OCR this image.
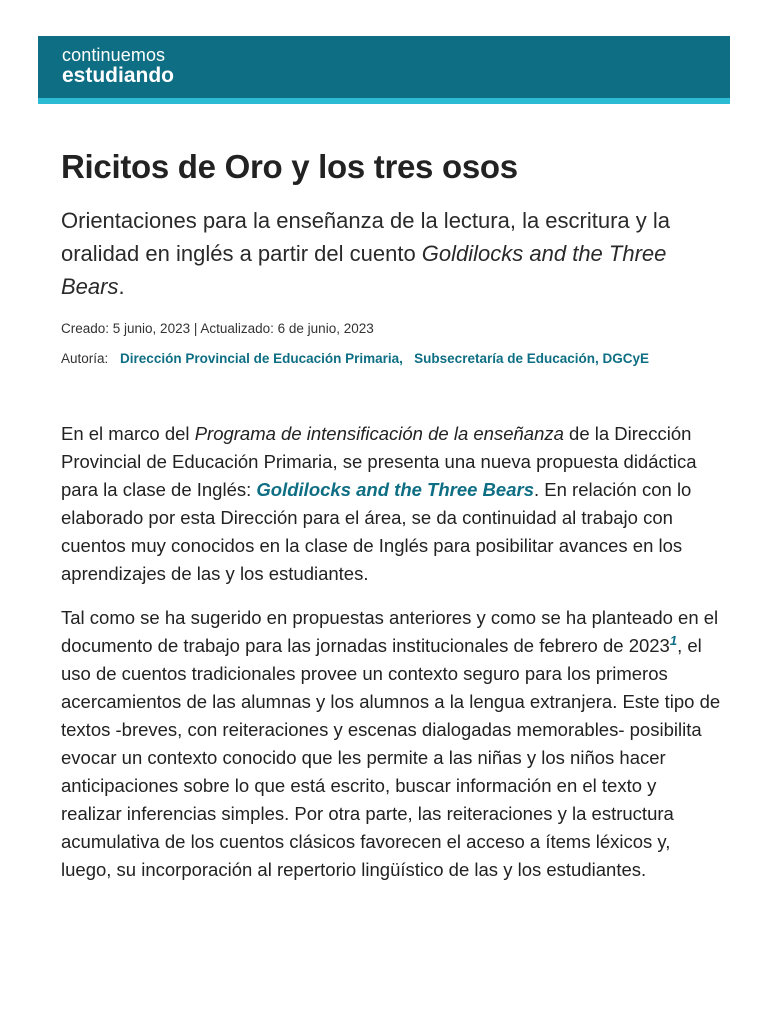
continuemos
estudiando
Ricitos de Oro y los tres osos

Orientaciones para la enseñanza de la lectura, la escritura y la oralidad en inglés a partir del cuento Goldilocks and the Three Bears.

Creado: 5 junio, 2023 | Actualizado: 6 de junio, 2023
Autoría: Dirección Provincial de Educación Primaria, Subsecretaría de Educación, DGCyE

En el marco del Programa de intensificación de la enseñanza de la Dirección Provincial de Educación Primaria, se presenta una nueva propuesta didáctica para la clase de Inglés: Goldilocks and the Three Bears. En relación con lo elaborado por esta Dirección para el área, se da continuidad al trabajo con cuentos muy conocidos en la clase de Inglés para posibilitar avances en los aprendizajes de las y los estudiantes.

Tal como se ha sugerido en propuestas anteriores y como se ha planteado en el documento de trabajo para las jornadas institucionales de febrero de 2023$^1$, el uso de cuentos tradicionales provee un contexto seguro para los primeros acercamientos de las alumnas y los alumnos a la lengua extranjera. Este tipo de textos -breves, con reiteraciones y escenas dialogadas memorables- posibilita evocar un contexto conocido que les permite a las niñas y los niños hacer anticipaciones sobre lo que está escrito, buscar información en el texto y realizar inferencias simples. Por otra parte, las reiteraciones y la estructura acumulativa de los cuentos clásicos favorecen el acceso a ítems léxicos y, luego, su incorporación al repertorio lingüístico de las y los estudiantes.
